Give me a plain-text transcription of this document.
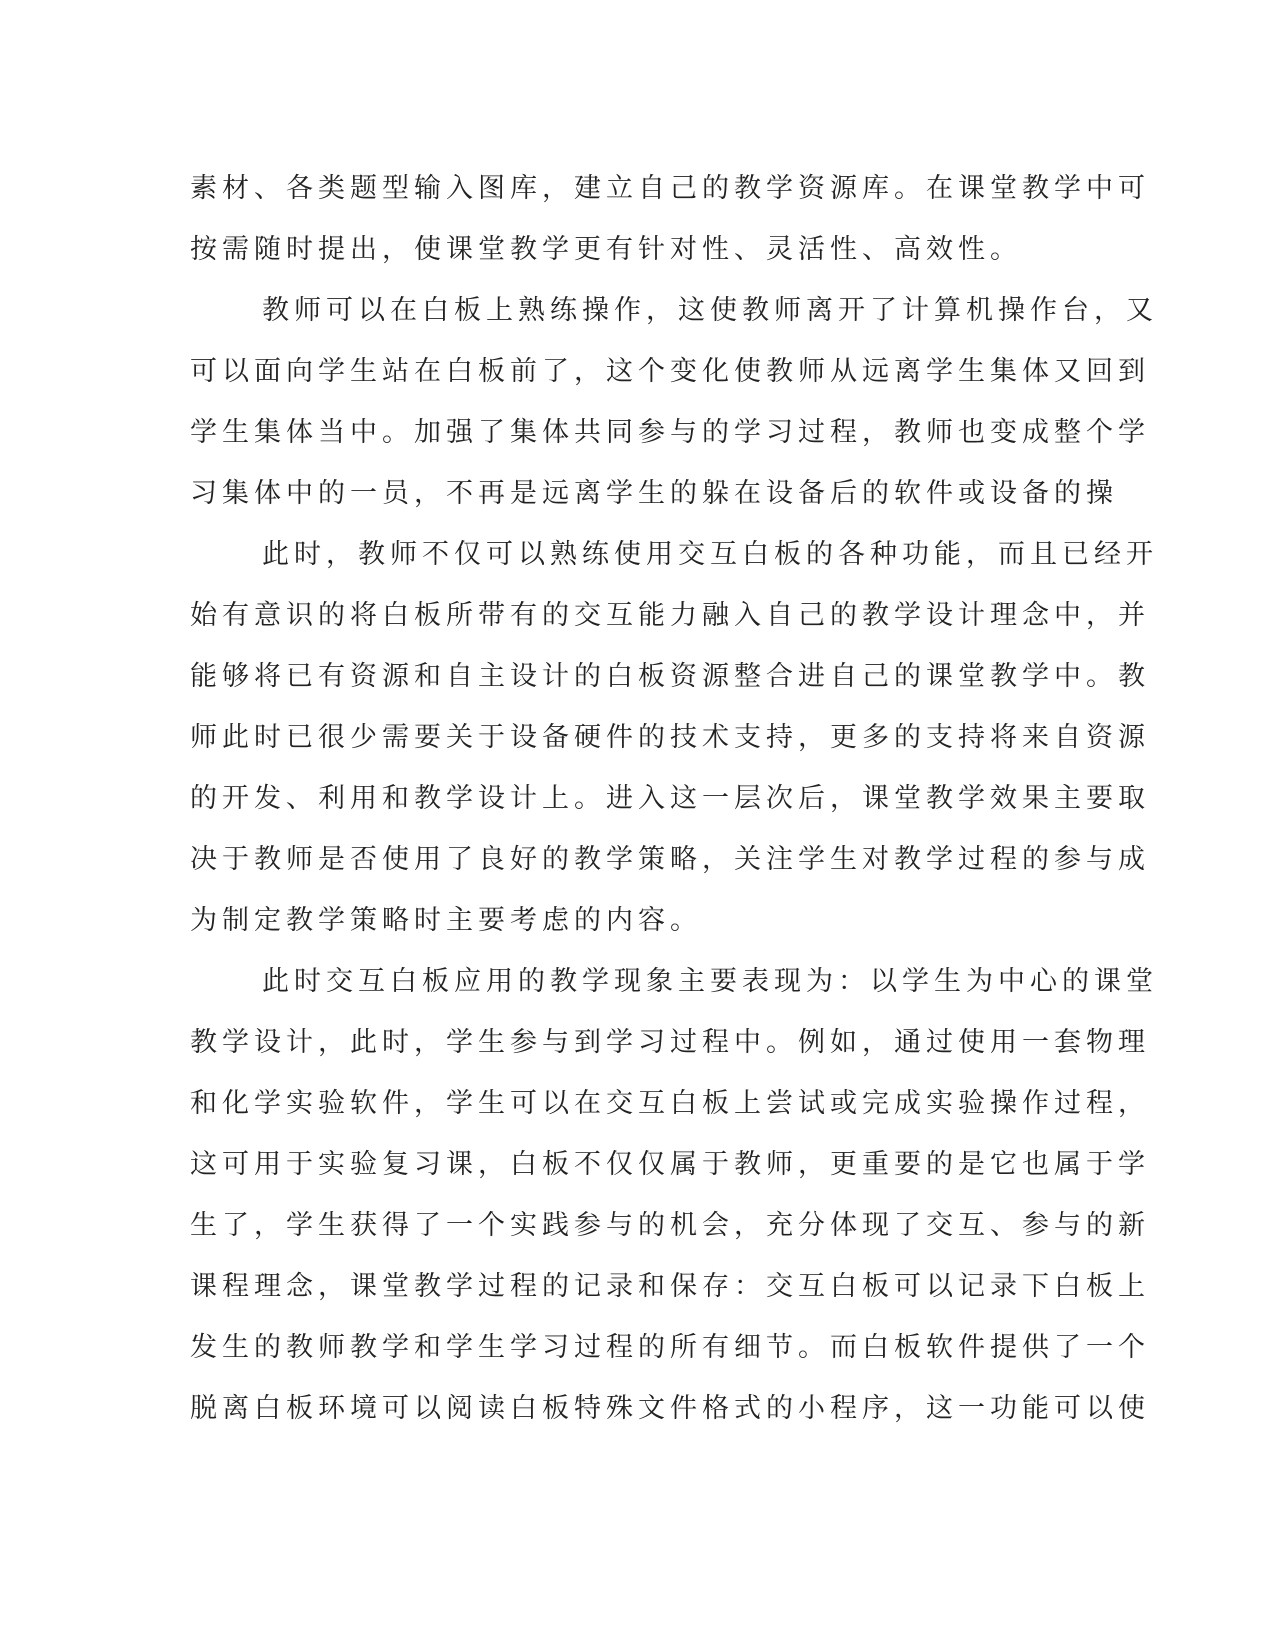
素材、各类题型输入图库，建立自己的教学资源库。在课堂教学中可
按需随时提出，使课堂教学更有针对性、灵活性、高效性。
教师可以在白板上熟练操作，这使教师离开了计算机操作台，又
可以面向学生站在白板前了，这个变化使教师从远离学生集体又回到
学生集体当中。加强了集体共同参与的学习过程，教师也变成整个学
习集体中的一员，不再是远离学生的躲在设备后的软件或设备的操
此时，教师不仅可以熟练使用交互白板的各种功能，而且已经开
始有意识的将白板所带有的交互能力融入自己的教学设计理念中，并
能够将已有资源和自主设计的白板资源整合进自己的课堂教学中。教
师此时已很少需要关于设备硬件的技术支持，更多的支持将来自资源
的开发、利用和教学设计上。进入这一层次后，课堂教学效果主要取
决于教师是否使用了良好的教学策略，关注学生对教学过程的参与成
为制定教学策略时主要考虑的内容。
此时交互白板应用的教学现象主要表现为：以学生为中心的课堂
教学设计，此时，学生参与到学习过程中。例如，通过使用一套物理
和化学实验软件，学生可以在交互白板上尝试或完成实验操作过程，
这可用于实验复习课，白板不仅仅属于教师，更重要的是它也属于学
生了，学生获得了一个实践参与的机会，充分体现了交互、参与的新
课程理念，课堂教学过程的记录和保存：交互白板可以记录下白板上
发生的教师教学和学生学习过程的所有细节。而白板软件提供了一个
脱离白板环境可以阅读白板特殊文件格式的小程序，这一功能可以使
